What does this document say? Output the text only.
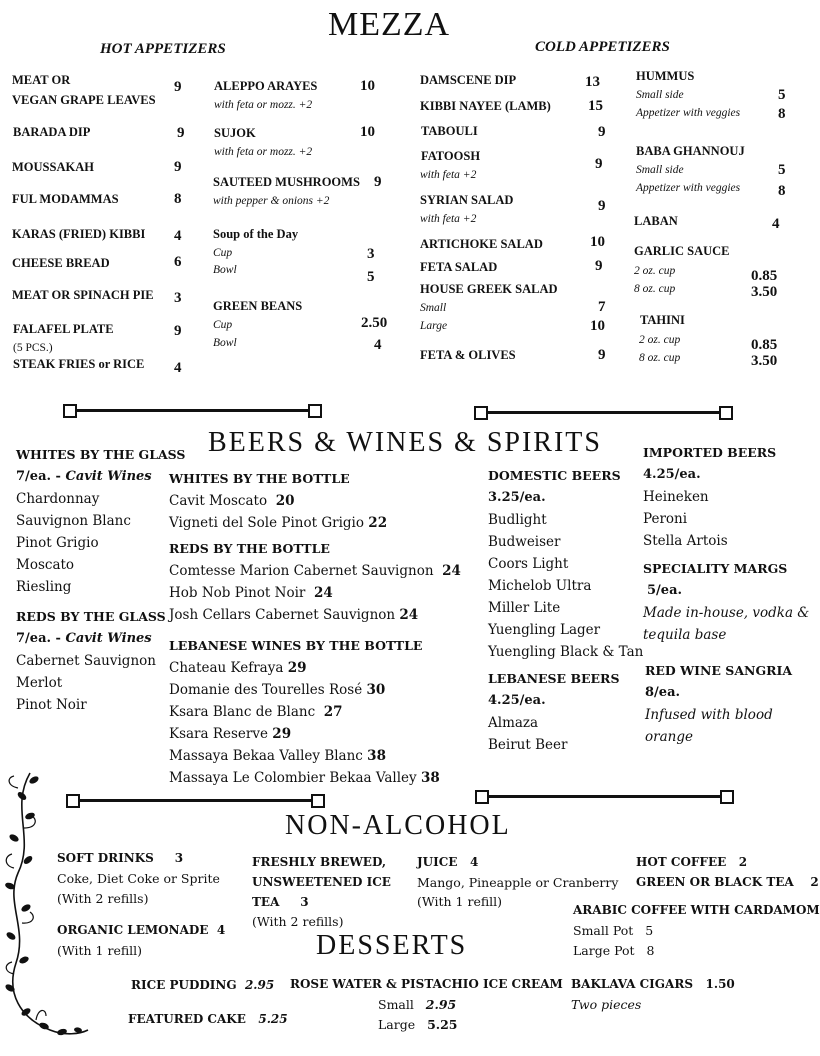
MEZZA
HOT APPETIZERS	COLD APPETIZERS
MEAT OR	9
VEGAN GRAPE LEAVES
BARADA DIP	9
MOUSSAKAH	9
FUL MODAMMAS	8
KARAS (FRIED) KIBBI 4
CHEESE BREAD	6
MEAT OR SPINACH PIE 3
FALAFEL PLATE	9
(5 PCS.)
STEAK FRIES or RICE 4
ALEPPO ARAYES	10
with feta or mozz. +2
SUJOK	10
with feta or mozz. +2
SAUTEED MUSHROOMS 9
with pepper & onions +2
Soup of the Day
Cup	3
Bowl	5
GREEN BEANS
Cup	2.50
Bowl	4
DAMSCENE DIP	13
KIBBI NAYEE (LAMB) 15
TABOULI	9
FATOOSH	9
with feta +2
SYRIAN SALAD	9
with feta +2
ARTICHOKE SALAD	10
FETA SALAD	9
HOUSE GREEK SALAD
Small	7
Large	10
FETA & OLIVES	9
HUMMUS
Small side	5
Appetizer with veggies	8
BABA GHANNOUJ
Small side	5
Appetizer with veggies	8
LABAN	4
GARLIC SAUCE
2 oz. cup	0.85
8 oz. cup	3.50
TAHINI
2 oz. cup	0.85
8 oz. cup	3.50
BEERS & WINES & SPIRITS
WHITES BY THE GLASS
7/ea. - Cavit Wines
Chardonnay
Sauvignon Blanc
Pinot Grigio
Moscato
Riesling
REDS BY THE GLASS
7/ea. - Cavit Wines
Cabernet Sauvignon
Merlot
Pinot Noir
WHITES BY THE BOTTLE
Cavit Moscato 20
Vigneti del Sole Pinot Grigio 22
REDS BY THE BOTTLE
Comtesse Marion Cabernet Sauvignon 24
Hob Nob Pinot Noir 24
Josh Cellars Cabernet Sauvignon 24
LEBANESE WINES BY THE BOTTLE
Chateau Kefraya 29
Domanie des Tourelles Rosé 30
Ksara Blanc de Blanc 27
Ksara Reserve 29
Massaya Bekaa Valley Blanc 38
Massaya Le Colombier Bekaa Valley 38
DOMESTIC BEERS
3.25/ea.
Budlight
Budweiser
Coors Light
Michelob Ultra
Miller Lite
Yuengling Lager
Yuengling Black & Tan
LEBANESE BEERS
4.25/ea.
Almaza
Beirut Beer
IMPORTED BEERS
4.25/ea.
Heineken
Peroni
Stella Artois
SPECIALITY MARGS
5/ea.
Made in-house, vodka &
tequila base
RED WINE SANGRIA
8/ea.
Infused with blood
orange
NON-ALCOHOL
SOFT DRINKS 3
Coke, Diet Coke or Sprite
(With 2 refills)
ORGANIC LEMONADE 4
(With 1 refill)
FRESHLY BREWED,
UNSWEETENED ICE
TEA 3
(With 2 refills)
JUICE 4
Mango, Pineapple or Cranberry
(With 1 refill)
HOT COFFEE 2
GREEN OR BLACK TEA 2
ARABIC COFFEE WITH CARDAMOM
Small Pot 5
Large Pot 8
DESSERTS
RICE PUDDING 2.95
FEATURED CAKE 5.25
ROSE WATER & PISTACHIO ICE CREAM
Small 2.95
Large 5.25
BAKLAVA CIGARS 1.50
Two pieces
